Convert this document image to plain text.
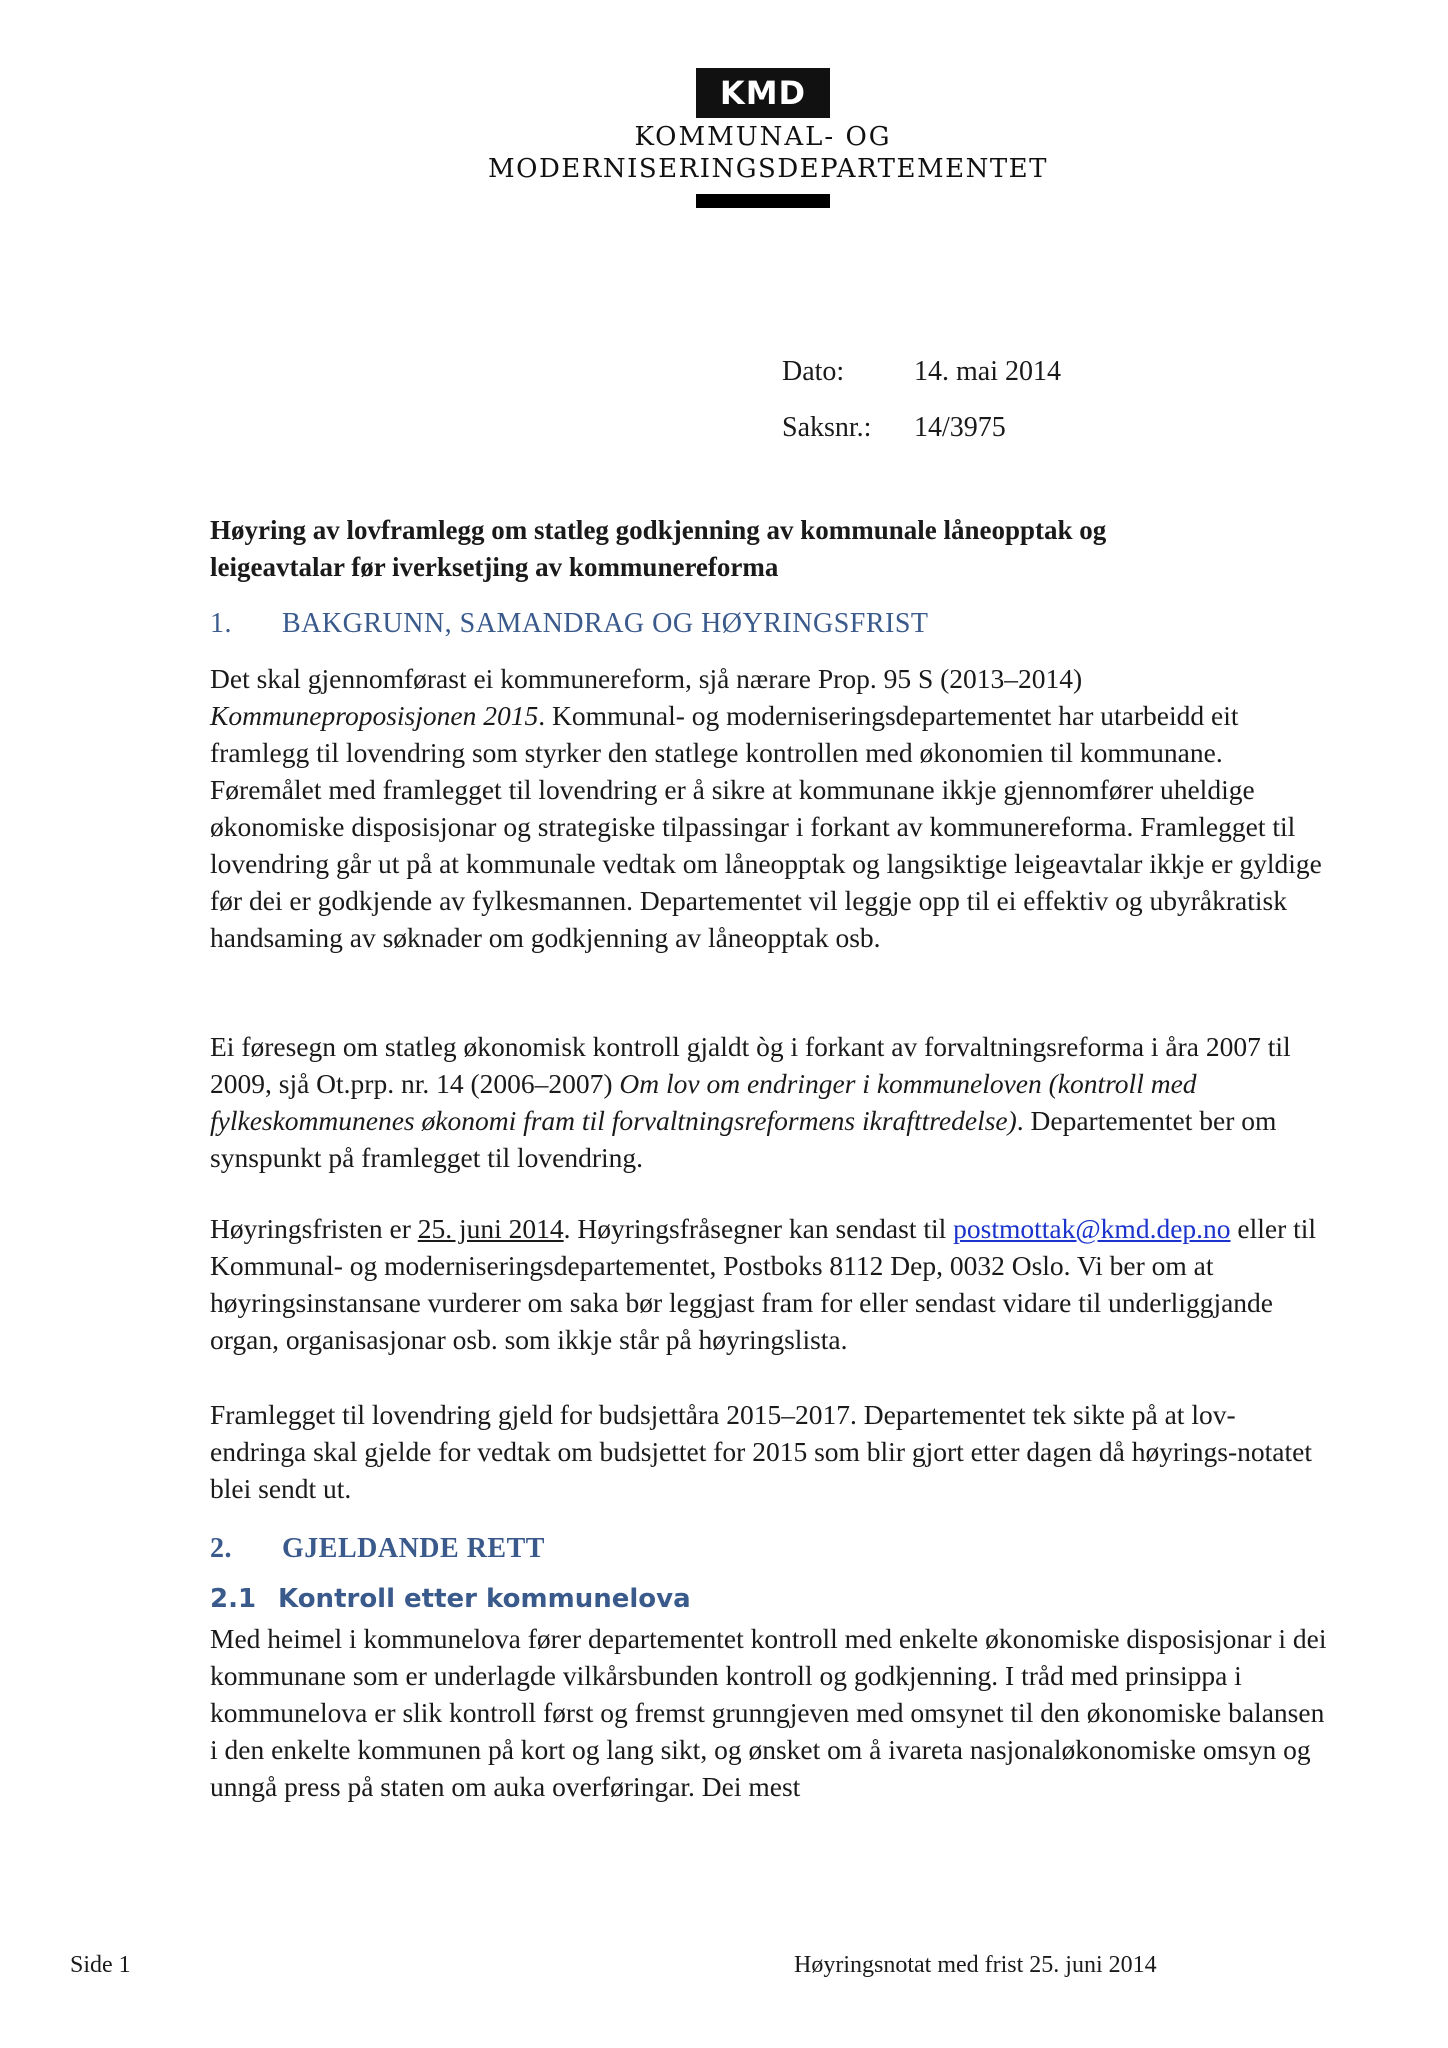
KMD
KOMMUNAL- OG
MODERNISERINGSDEPARTEMENTET
Dato: 14. mai 2014
Saksnr.: 14/3975
Høyring av lovframlegg om statleg godkjenning av kommunale låneopptak og
leigeavtalar før iverksetjing av kommunereforma
1. BAKGRUNN, SAMANDRAG OG HØYRINGSFRIST
Det skal gjennomførast ei kommunereform, sjå nærare Prop. 95 S (2013–2014) Kommuneproposisjonen 2015. Kommunal- og moderniseringsdepartementet har utarbeidd eit framlegg til lovendring som styrker den statlege kontrollen med økonomien til kommunane. Føremålet med framlegget til lovendring er å sikre at kommunane ikkje gjennomfører uheldige økonomiske disposisjonar og strategiske tilpassingar i forkant av kommunereforma. Framlegget til lovendring går ut på at kommunale vedtak om låneopptak og langsiktige leigeavtalar ikkje er gyldige før dei er godkjende av fylkesmannen. Departementet vil leggje opp til ei effektiv og ubyråkratisk handsaming av søknader om godkjenning av låneopptak osb.
Ei føresegn om statleg økonomisk kontroll gjaldt òg i forkant av forvaltningsreforma i åra 2007 til 2009, sjå Ot.prp. nr. 14 (2006–2007) Om lov om endringer i kommuneloven (kontroll med fylkeskommunenes økonomi fram til forvaltningsreformens ikrafttredelse). Departementet ber om synspunkt på framlegget til lovendring.
Høyringsfristen er 25. juni 2014. Høyringsfråsegner kan sendast til postmottak@kmd.dep.no eller til Kommunal- og moderniseringsdepartementet, Postboks 8112 Dep, 0032 Oslo. Vi ber om at høyringsinstansane vurderer om saka bør leggjast fram for eller sendast vidare til underliggjande organ, organisasjonar osb. som ikkje står på høyringslista.
Framlegget til lovendring gjeld for budsjettåra 2015–2017. Departementet tek sikte på at lov-endringa skal gjelde for vedtak om budsjettet for 2015 som blir gjort etter dagen då høyrings-notatet blei sendt ut.
2. GJELDANDE RETT
2.1 Kontroll etter kommunelova
Med heimel i kommunelova fører departementet kontroll med enkelte økonomiske disposisjonar i dei kommunane som er underlagde vilkårsbunden kontroll og godkjenning. I tråd med prinsippa i kommunelova er slik kontroll først og fremst grunngjeven med omsynet til den økonomiske balansen i den enkelte kommunen på kort og lang sikt, og ønsket om å ivareta nasjonaløkonomiske omsyn og unngå press på staten om auka overføringar. Dei mest
Side 1	Høyringsnotat med frist 25. juni 2014
